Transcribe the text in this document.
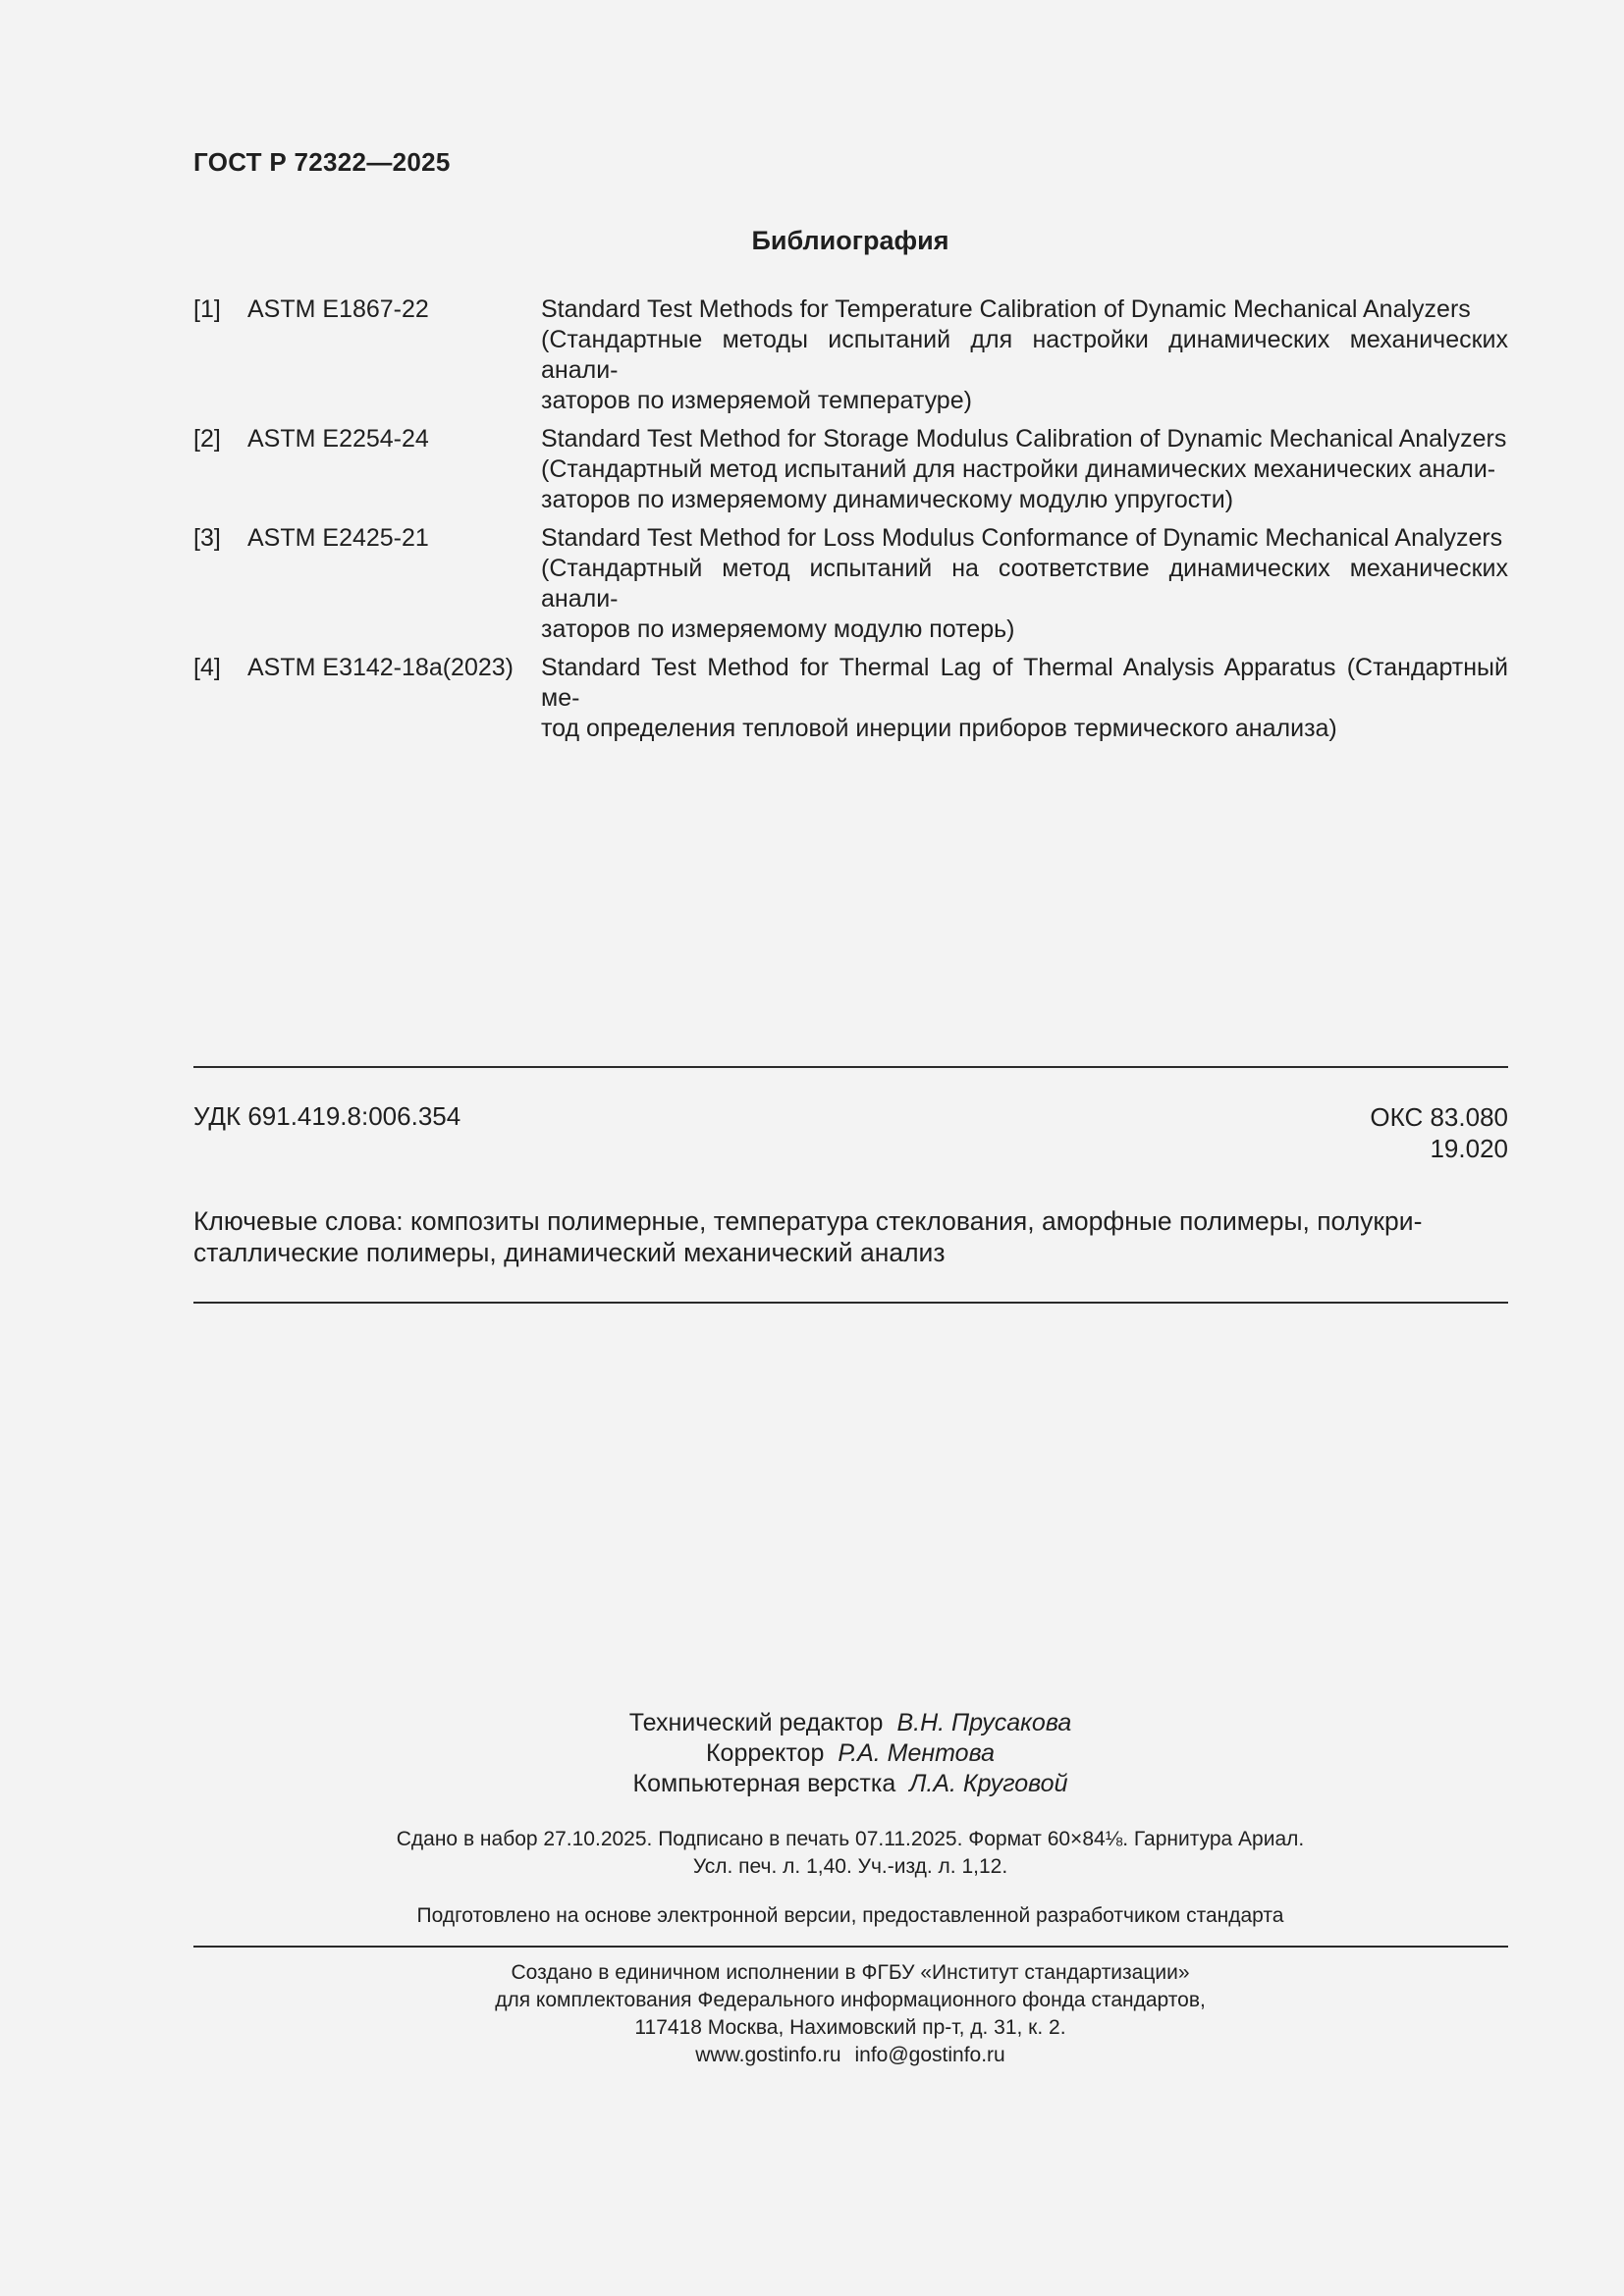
ГОСТ Р 72322—2025
Библиография
[1]	ASTM E1867-22	Standard Test Methods for Temperature Calibration of Dynamic Mechanical Analyzers
(Стандартные методы испытаний для настройки динамических механических анали-
заторов по измеряемой температуре)
[2]	ASTM E2254-24	Standard Test Method for Storage Modulus Calibration of Dynamic Mechanical Analyzers
(Стандартный метод испытаний для настройки динамических механических анали-
заторов по измеряемому динамическому модулю упругости)
[3]	ASTM E2425-21	Standard Test Method for Loss Modulus Conformance of Dynamic Mechanical Analyzers
(Стандартный метод испытаний на соответствие динамических механических анали-
заторов по измеряемому модулю потерь)
[4]	ASTM E3142-18a(2023)	Standard Test Method for Thermal Lag of Thermal Analysis Apparatus (Стандартный ме-
тод определения тепловой инерции приборов термического анализа)
УДК 691.419.8:006.354	ОКС 83.080
19.020
Ключевые слова: композиты полимерные, температура стеклования, аморфные полимеры, полукри-
сталлические полимеры, динамический механический анализ
Технический редактор В.Н. Прусакова
Корректор Р.А. Ментова
Компьютерная верстка Л.А. Круговой
Сдано в набор 27.10.2025. Подписано в печать 07.11.2025. Формат 60×84⅛. Гарнитура Ариал.
Усл. печ. л. 1,40. Уч.-изд. л. 1,12.
Подготовлено на основе электронной версии, предоставленной разработчиком стандарта
Создано в единичном исполнении в ФГБУ «Институт стандартизации»
для комплектования Федерального информационного фонда стандартов,
117418 Москва, Нахимовский пр-т, д. 31, к. 2.
www.gostinfo.ru info@gostinfo.ru
